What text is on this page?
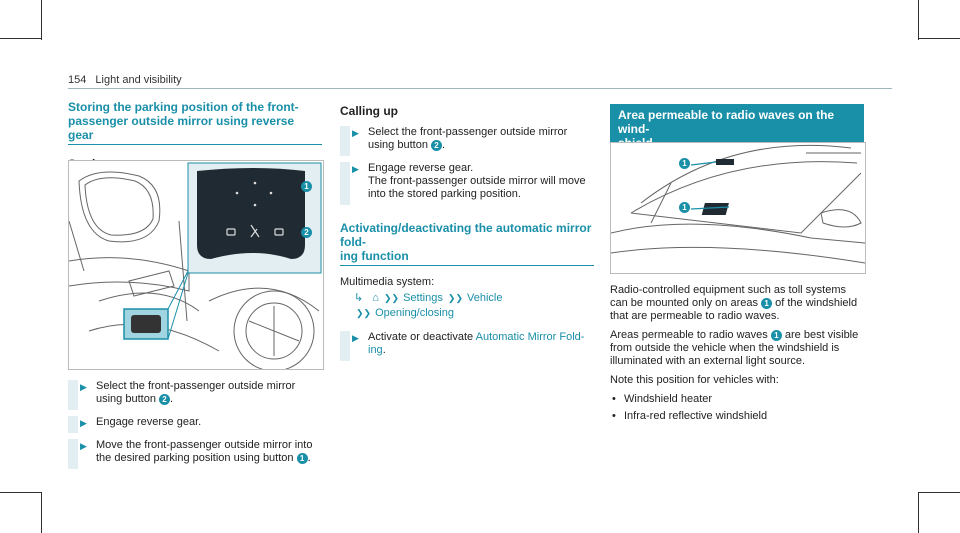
154 Light and visibility
Storing the parking position of the front-
passenger outside mirror using reverse gear
1
2
▶ Select the front-passenger outside mirror using button 2 .
▶ Engage reverse gear.
▶ Move the front-passenger outside mirror into the desired parking position using button 1 .
Calling up
▶ Select the front-passenger outside mirror using button 2 .
▶ Engage reverse gear.
The front-passenger outside mirror will move into the stored parking position.
Activating/deactivating the automatic mirror fold-
ing function
Multimedia system:
↳ ⌂ ❯❯ Settings ❯❯ Vehicle
❯❯ Opening/closing
▶ Activate or deactivate Automatic Mirror Fold-ing.
Area permeable to radio waves on the wind-
1
1
Radio-controlled equipment such as toll systems can be mounted only on areas 1 of the windshield that are permeable to radio waves.
Areas permeable to radio waves 1 are best visible from outside the vehicle when the windshield is illuminated with an external light source.
Note this position for vehicles with:
• Windshield heater
• Infra-red reflective windshield
